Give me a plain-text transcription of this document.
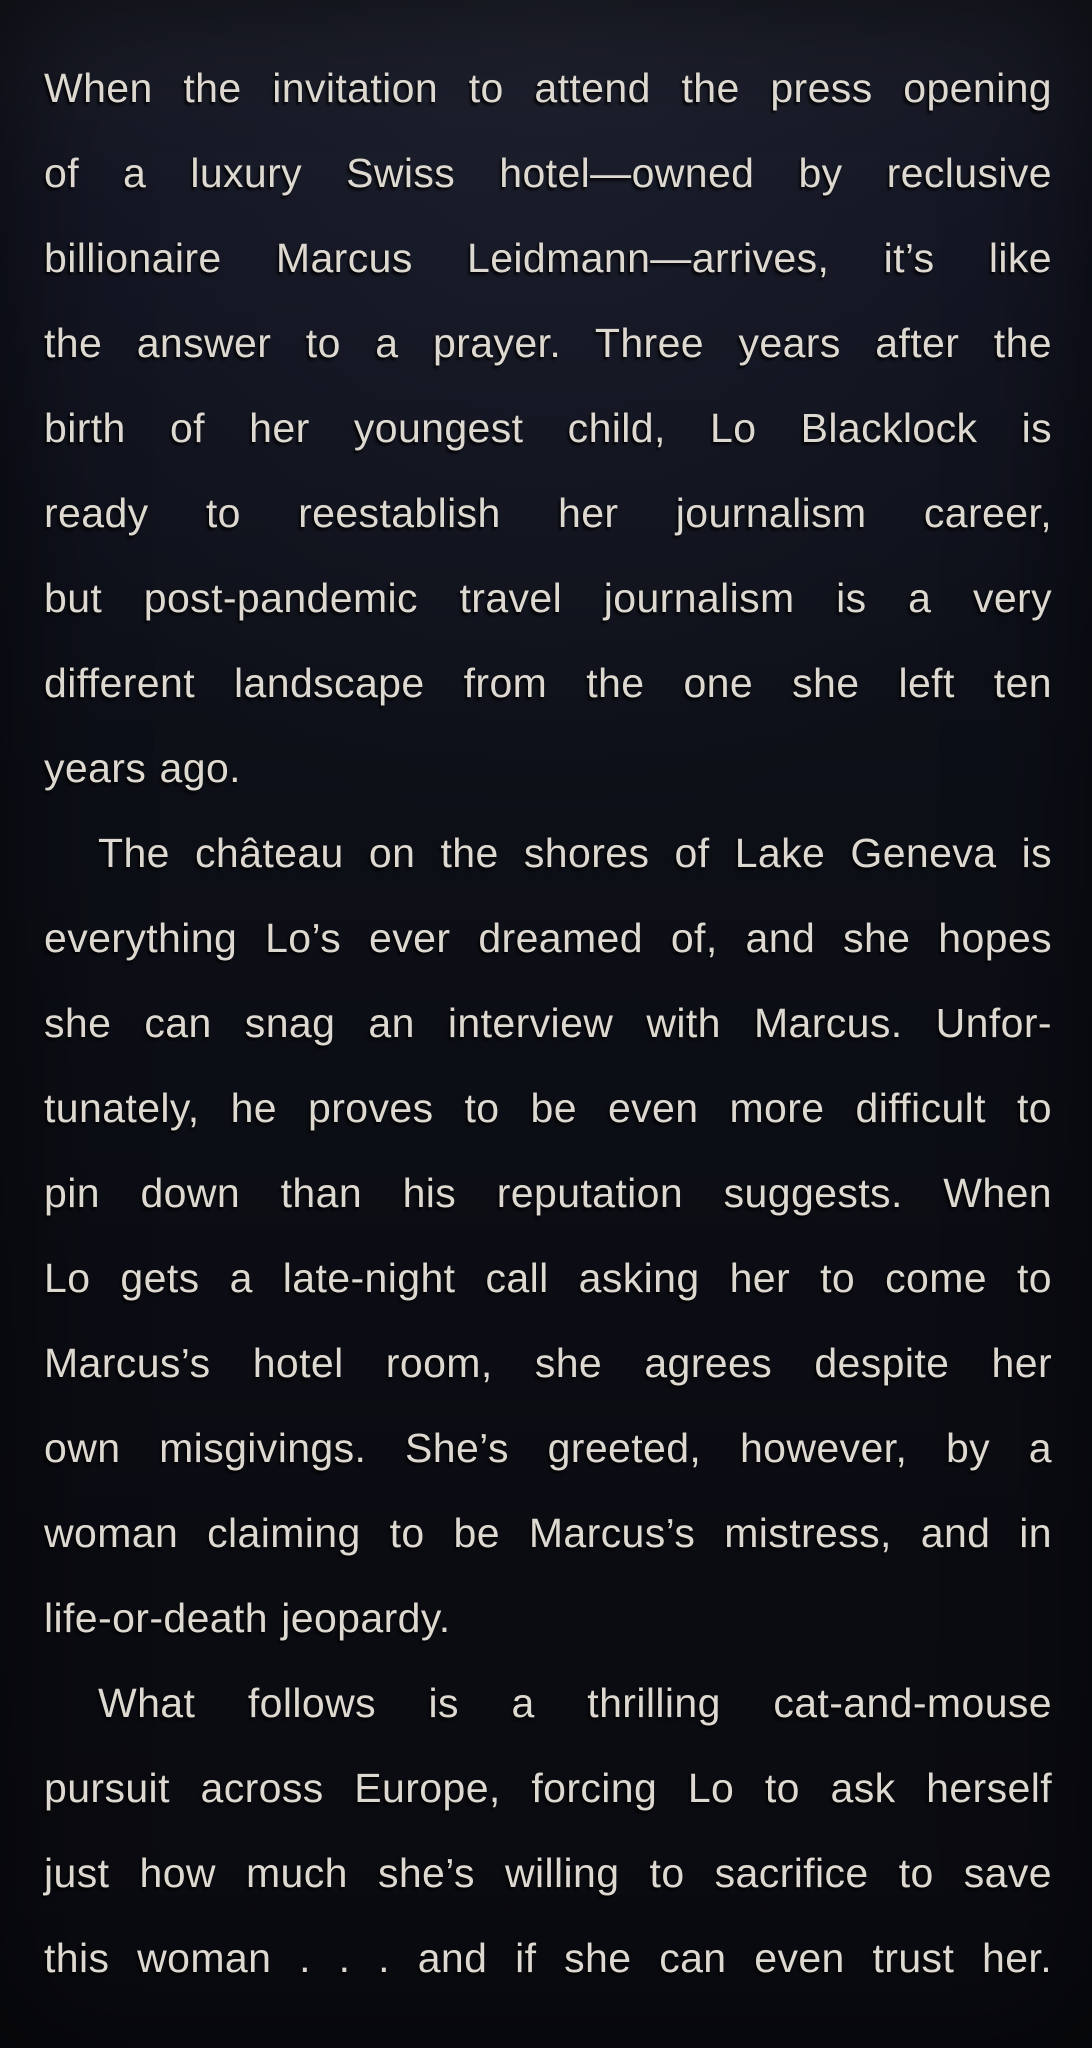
When the invitation to attend the press opening
of a luxury Swiss hotel—owned by reclusive
billionaire Marcus Leidmann—arrives, it’s like
the answer to a prayer. Three years after the
birth of her youngest child, Lo Blacklock is
ready to reestablish her journalism career,
but post-pandemic travel journalism is a very
different landscape from the one she left ten
years ago.
The château on the shores of Lake Geneva is
everything Lo’s ever dreamed of, and she hopes
she can snag an interview with Marcus. Unfor-
tunately, he proves to be even more difficult to
pin down than his reputation suggests. When
Lo gets a late-night call asking her to come to
Marcus’s hotel room, she agrees despite her
own misgivings. She’s greeted, however, by a
woman claiming to be Marcus’s mistress, and in
life-or-death jeopardy.
What follows is a thrilling cat-and-mouse
pursuit across Europe, forcing Lo to ask herself
just how much she’s willing to sacrifice to save
this woman . . . and if she can even trust her.
